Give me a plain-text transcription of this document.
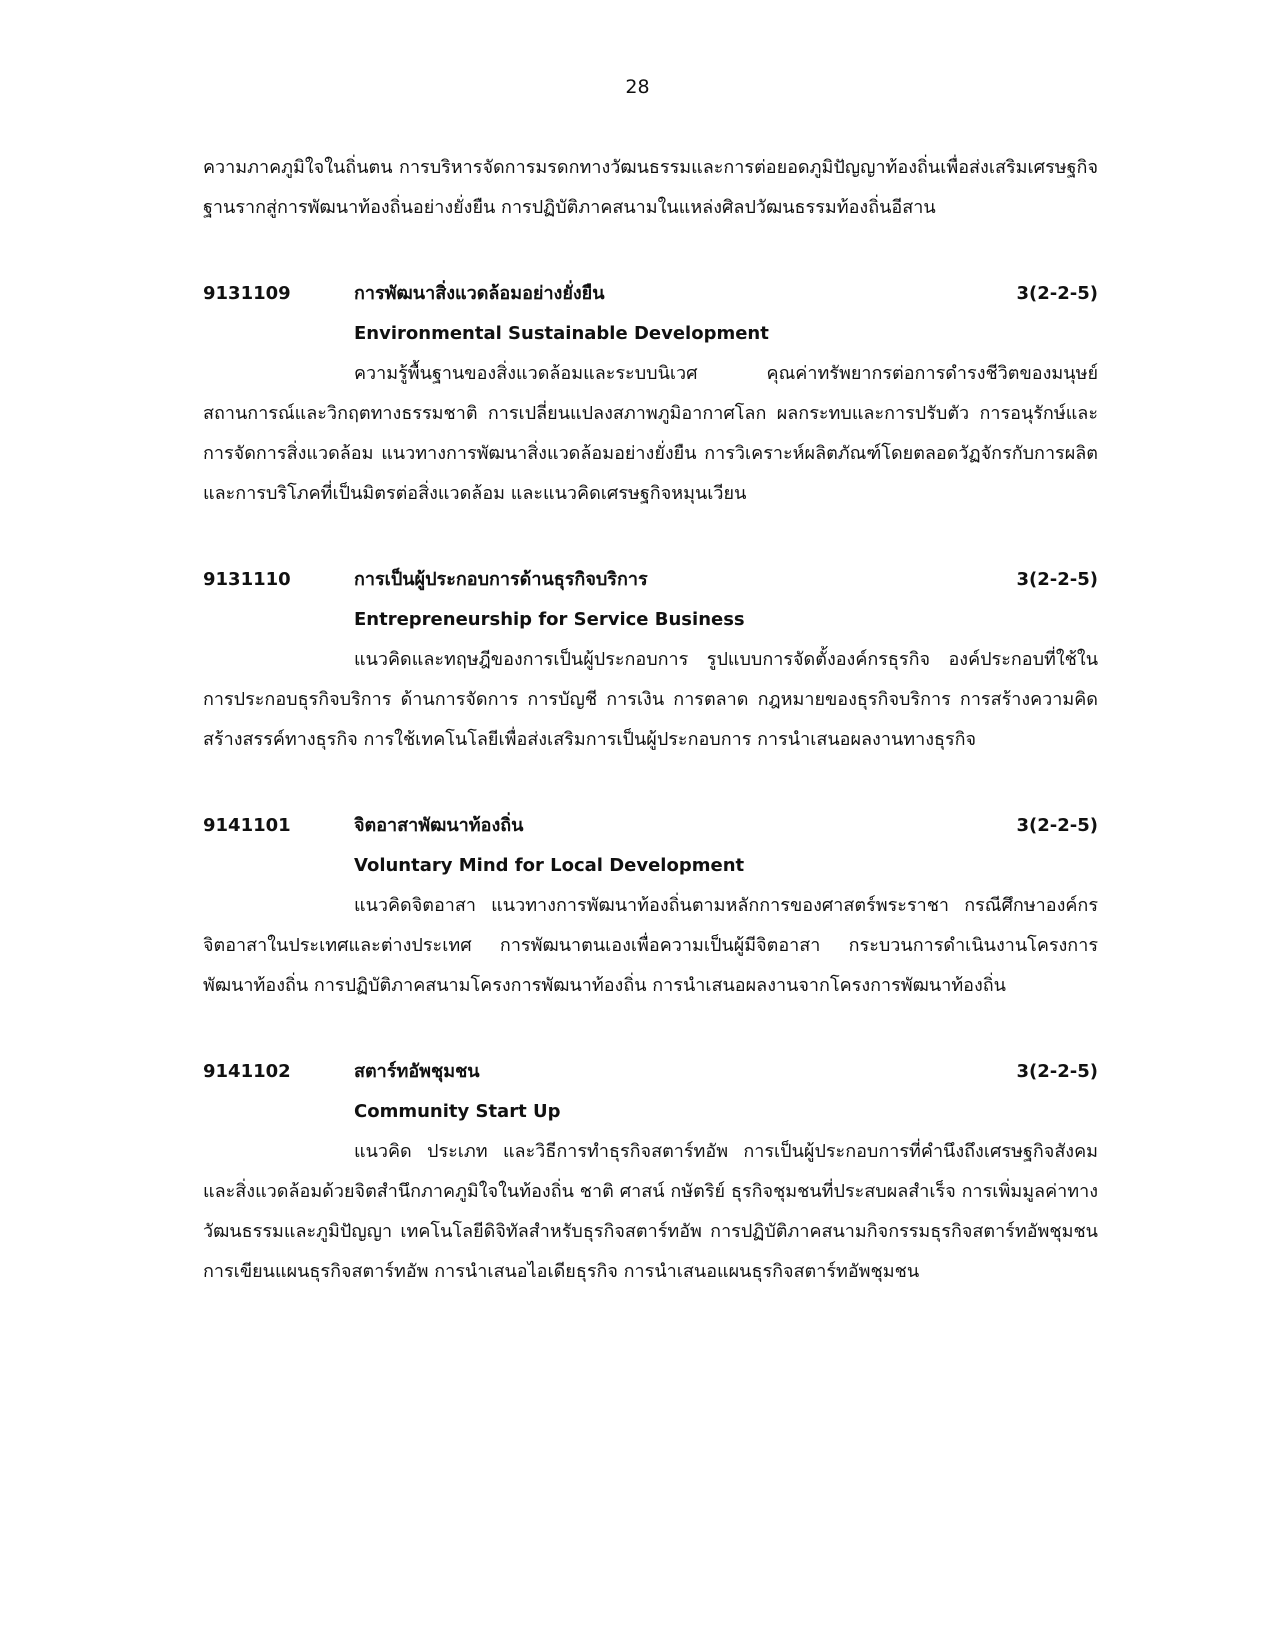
28

ความภาคภูมิใจในถิ่นตน การบริหารจัดการมรดกทางวัฒนธรรมและการต่อยอดภูมิปัญญาท้องถิ่นเพื่อส่งเสริมเศรษฐกิจฐานรากสู่การพัฒนาท้องถิ่นอย่างยั่งยืน การปฏิบัติภาคสนามในแหล่งศิลปวัฒนธรรมท้องถิ่นอีสาน

9131109	การพัฒนาสิ่งแวดล้อมอย่างยั่งยืน	3(2-2-5)
Environmental Sustainable Development

ความรู้พื้นฐานของสิ่งแวดล้อมและระบบนิเวศ คุณค่าทรัพยากรต่อการดำรงชีวิตของมนุษย์ สถานการณ์และวิกฤตทางธรรมชาติ การเปลี่ยนแปลงสภาพภูมิอากาศโลก ผลกระทบและการปรับตัว การอนุรักษ์และการจัดการสิ่งแวดล้อม แนวทางการพัฒนาสิ่งแวดล้อมอย่างยั่งยืน การวิเคราะห์ผลิตภัณฑ์โดยตลอดวัฏจักรกับการผลิตและการบริโภคที่เป็นมิตรต่อสิ่งแวดล้อม และแนวคิดเศรษฐกิจหมุนเวียน

9131110	การเป็นผู้ประกอบการด้านธุรกิจบริการ	3(2-2-5)
Entrepreneurship for Service Business

แนวคิดและทฤษฎีของการเป็นผู้ประกอบการ รูปแบบการจัดตั้งองค์กรธุรกิจ องค์ประกอบที่ใช้ในการประกอบธุรกิจบริการ ด้านการจัดการ การบัญชี การเงิน การตลาด กฎหมายของธุรกิจบริการ การสร้างความคิดสร้างสรรค์ทางธุรกิจ การใช้เทคโนโลยีเพื่อส่งเสริมการเป็นผู้ประกอบการ การนำเสนอผลงานทางธุรกิจ

9141101	จิตอาสาพัฒนาท้องถิ่น	3(2-2-5)
Voluntary Mind for Local Development

แนวคิดจิตอาสา แนวทางการพัฒนาท้องถิ่นตามหลักการของศาสตร์พระราชา กรณีศึกษาองค์กรจิตอาสาในประเทศและต่างประเทศ การพัฒนาตนเองเพื่อความเป็นผู้มีจิตอาสา กระบวนการดำเนินงานโครงการพัฒนาท้องถิ่น การปฏิบัติภาคสนามโครงการพัฒนาท้องถิ่น การนำเสนอผลงานจากโครงการพัฒนาท้องถิ่น

9141102	สตาร์ทอัพชุมชน	3(2-2-5)
Community Start Up

แนวคิด ประเภท และวิธีการทำธุรกิจสตาร์ทอัพ การเป็นผู้ประกอบการที่คำนึงถึงเศรษฐกิจสังคม และสิ่งแวดล้อมด้วยจิตสำนึกภาคภูมิใจในท้องถิ่น ชาติ ศาสน์ กษัตริย์ ธุรกิจชุมชนที่ประสบผลสำเร็จ การเพิ่มมูลค่าทางวัฒนธรรมและภูมิปัญญา เทคโนโลยีดิจิทัลสำหรับธุรกิจสตาร์ทอัพ การปฏิบัติภาคสนามกิจกรรมธุรกิจสตาร์ทอัพชุมชน การเขียนแผนธุรกิจสตาร์ทอัพ การนำเสนอไอเดียธุรกิจ การนำเสนอแผนธุรกิจสตาร์ทอัพชุมชน
